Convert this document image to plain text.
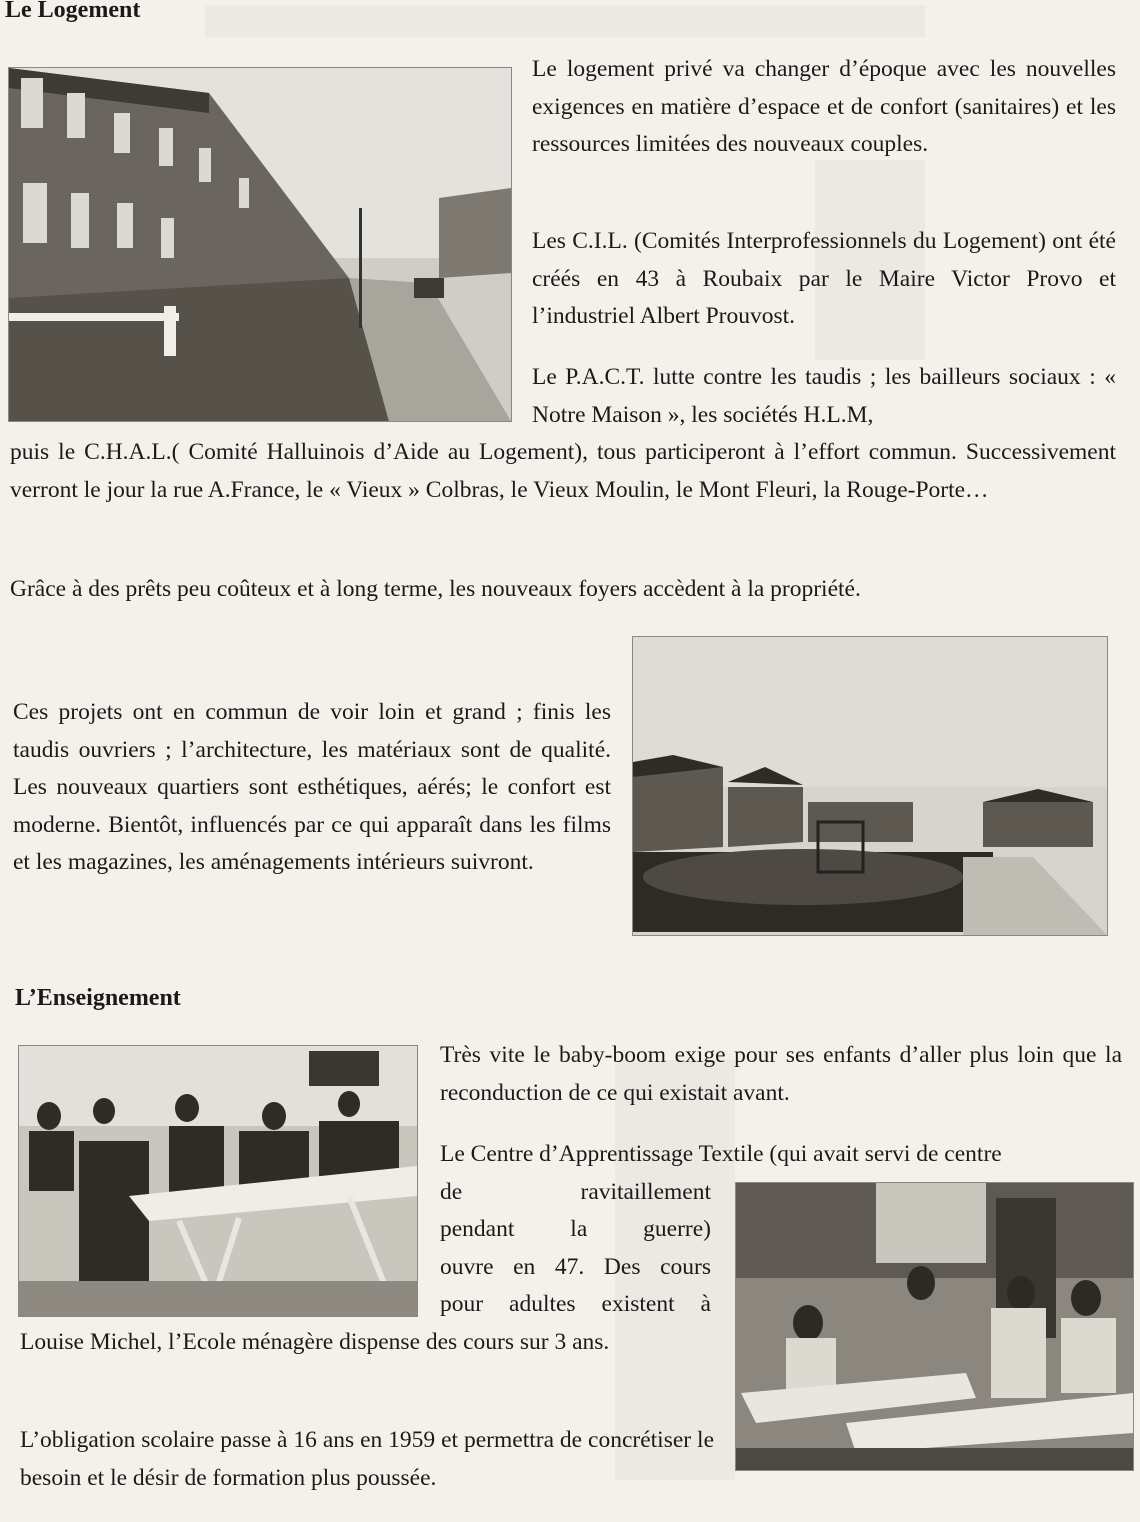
Le Logement

Le logement privé va changer d’époque avec les nouvelles exigences en matière d’espace et de confort (sanitaires) et les ressources limitées des nouveaux couples.

Les C.I.L. (Comités Interprofessionnels du Logement) ont été créés en 43 à Roubaix par le Maire Victor Provo et l’industriel Albert Prouvost.

Le P.A.C.T. lutte contre les taudis ; les bailleurs sociaux : « Notre Maison », les sociétés H.L.M,

puis le C.H.A.L.( Comité Halluinois d’Aide au Logement), tous participeront à l’effort commun. Successivement verront le jour la rue A.France, le « Vieux » Colbras, le Vieux Moulin, le Mont Fleuri, la Rouge-Porte…

Grâce à des prêts peu coûteux et à long terme, les nouveaux foyers accèdent à la propriété.

Ces projets ont en commun de voir loin et grand ; finis les taudis ouvriers ; l’architecture, les matériaux sont de qualité. Les nouveaux quartiers sont esthétiques, aérés; le confort est moderne. Bientôt, influencés par ce qui apparaît dans les films et les magazines, les aménagements intérieurs suivront.

L’Enseignement

Très vite le baby-boom exige pour ses enfants d’aller plus loin que la reconduction de ce qui existait avant.

Le Centre d’Apprentissage Textile (qui avait servi de centre

de ravitaillement

pendant la guerre)

ouvre en 47. Des cours

pour adultes existent à

Louise Michel, l’Ecole ménagère dispense des cours sur 3 ans.

L’obligation scolaire passe à 16 ans en 1959 et permettra de concrétiser le besoin et le désir de formation plus poussée.
